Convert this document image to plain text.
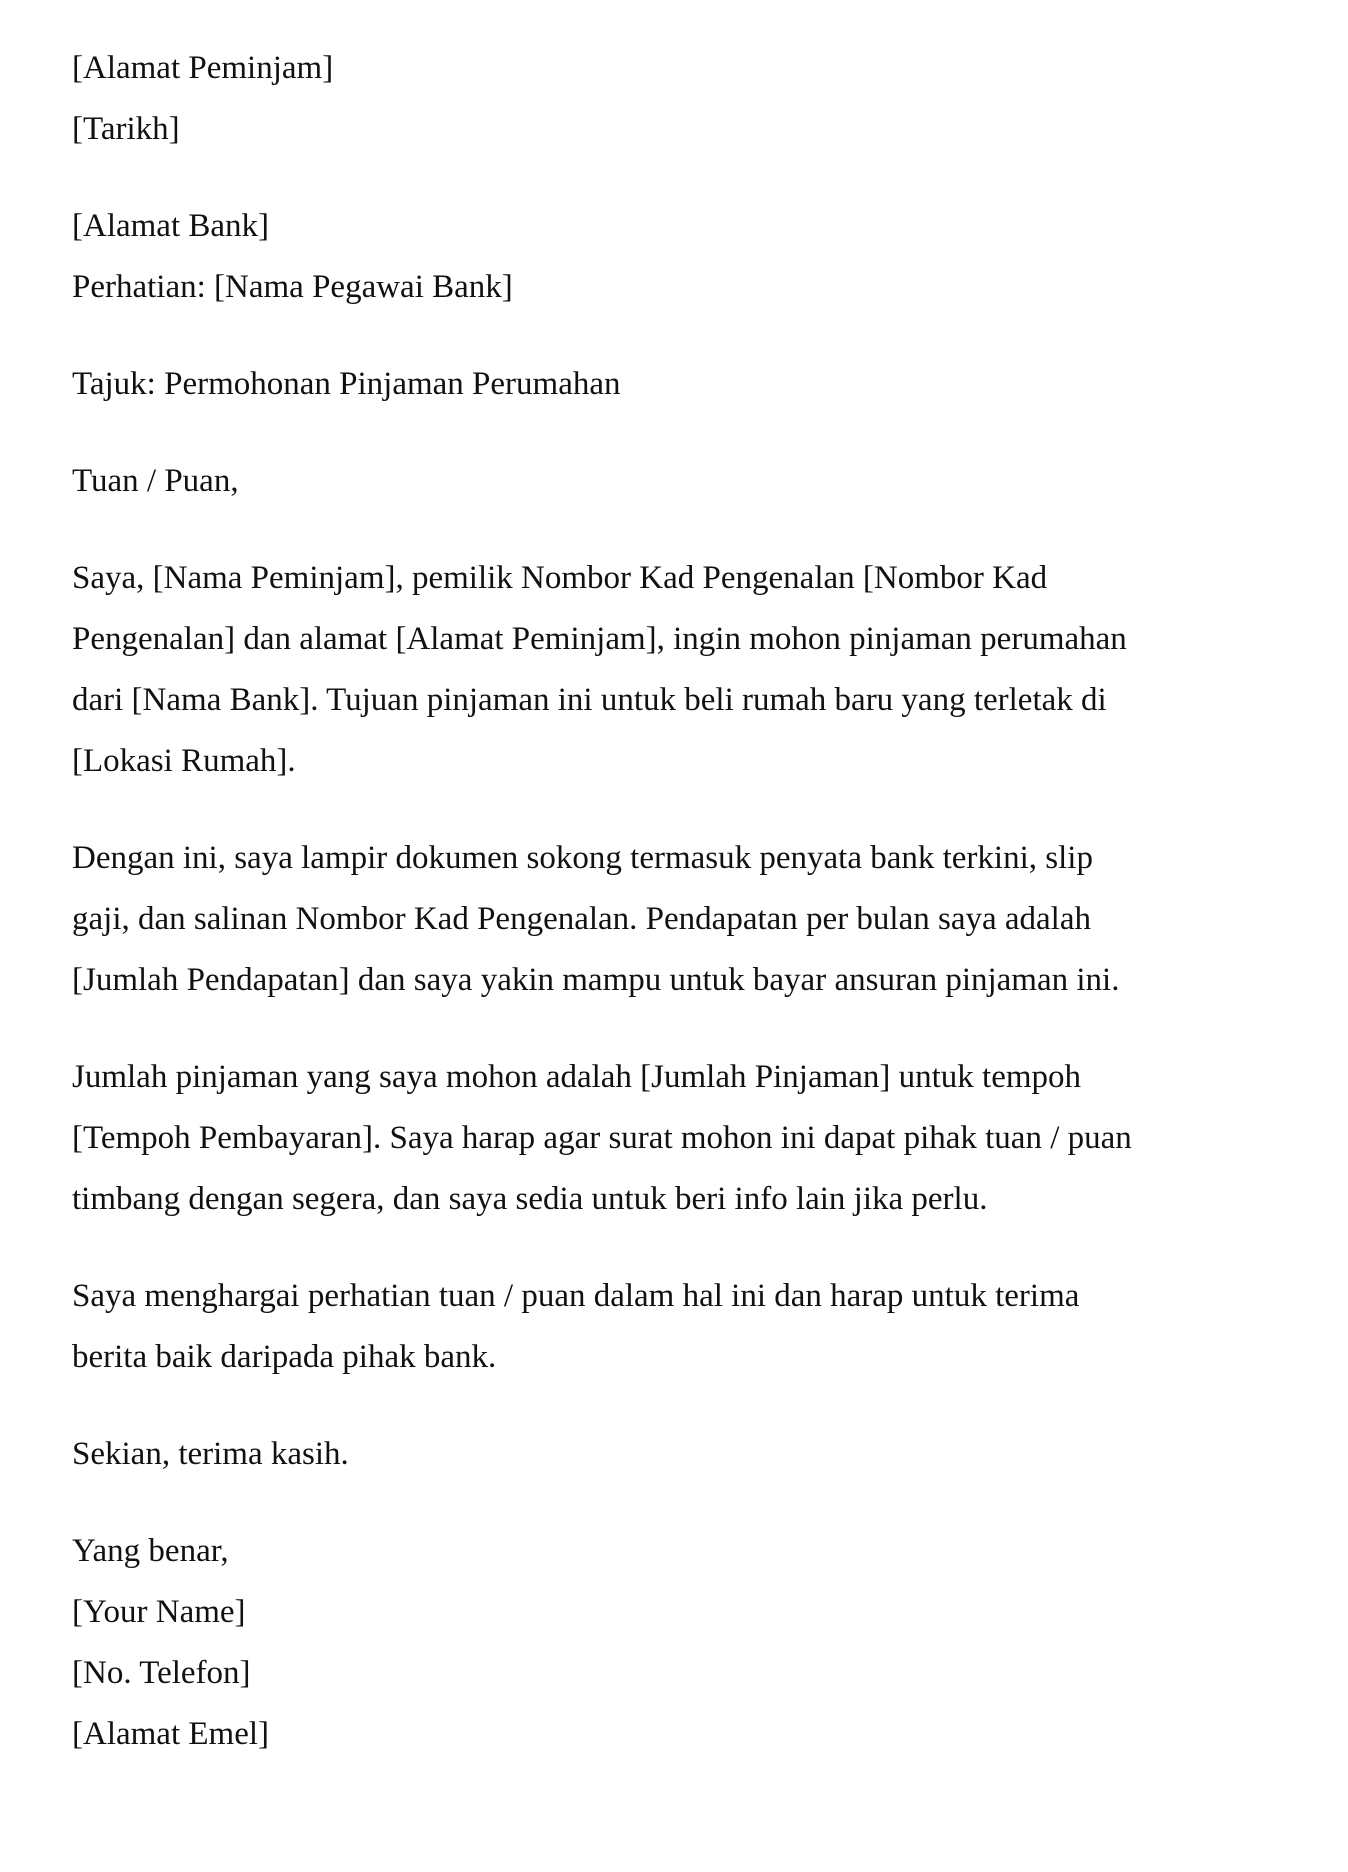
[Alamat Peminjam]
[Tarikh]
[Alamat Bank]
Perhatian: [Nama Pegawai Bank]
Tajuk: Permohonan Pinjaman Perumahan
Tuan / Puan,
Saya, [Nama Peminjam], pemilik Nombor Kad Pengenalan [Nombor Kad
Pengenalan] dan alamat [Alamat Peminjam], ingin mohon pinjaman perumahan
dari [Nama Bank]. Tujuan pinjaman ini untuk beli rumah baru yang terletak di
[Lokasi Rumah].
Dengan ini, saya lampir dokumen sokong termasuk penyata bank terkini, slip
gaji, dan salinan Nombor Kad Pengenalan. Pendapatan per bulan saya adalah
[Jumlah Pendapatan] dan saya yakin mampu untuk bayar ansuran pinjaman ini.
Jumlah pinjaman yang saya mohon adalah [Jumlah Pinjaman] untuk tempoh
[Tempoh Pembayaran]. Saya harap agar surat mohon ini dapat pihak tuan / puan
timbang dengan segera, dan saya sedia untuk beri info lain jika perlu.
Saya menghargai perhatian tuan / puan dalam hal ini dan harap untuk terima
berita baik daripada pihak bank.
Sekian, terima kasih.
Yang benar,
[Your Name]
[No. Telefon]
[Alamat Emel]
